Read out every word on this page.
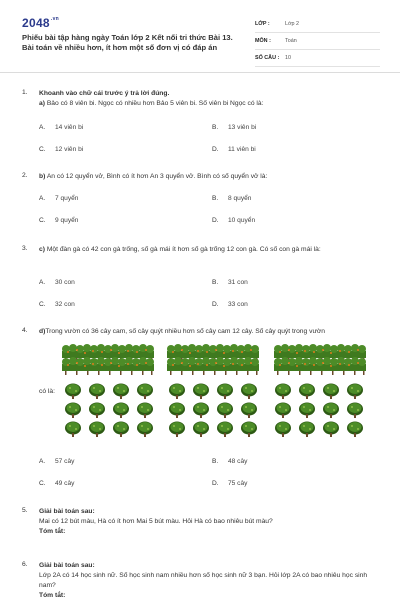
$2048^{.vn}$
Phiếu bài tập hàng ngày Toán lớp 2 Kết nối tri thức Bài 13. Bài toán về nhiều hơn, ít hơn một số đơn vị có đáp án
LỚP :	Lớp 2
MÔN :	Toán
SỐ CÂU :	10
1. Khoanh vào chữ cái trước ý trả lời đúng.
a) Bảo có 8 viên bi. Ngọc có nhiều hơn Bảo 5 viên bi. Số viên bi Ngọc có là:
A. 14 viên bi	B. 13 viên bi
C. 12 viên bi	D. 11 viên bi
2. b) An có 12 quyển vở, Bình có ít hơn An 3 quyển vở. Bình có số quyển vở là:
A. 7 quyển	B. 8 quyển
C. 9 quyển	D. 10 quyển
3. c) Một đàn gà có 42 con gà trống, số gà mái ít hơn số gà trống 12 con gà. Có số con gà mái là:
A. 30 con	B. 31 con
C. 32 con	D. 33 con
4. d)Trong vườn có 36 cây cam, số cây quýt nhiều hơn số cây cam 12 cây. Số cây quýt trong vườn
có là:
A. 57 cây	B. 48 cây
C. 49 cây	D. 75 cây
5. Giải bài toán sau:
Mai có 12 bút màu, Hà có ít hơn Mai 5 bút màu. Hỏi Hà có bao nhiêu bút màu?
Tóm tắt:
6. Giải bài toán sau:
Lớp 2A có 14 học sinh nữ. Số học sinh nam nhiều hơn số học sinh nữ 3 bạn. Hỏi lớp 2A có bao nhiêu học sinh nam?
Tóm tắt:
